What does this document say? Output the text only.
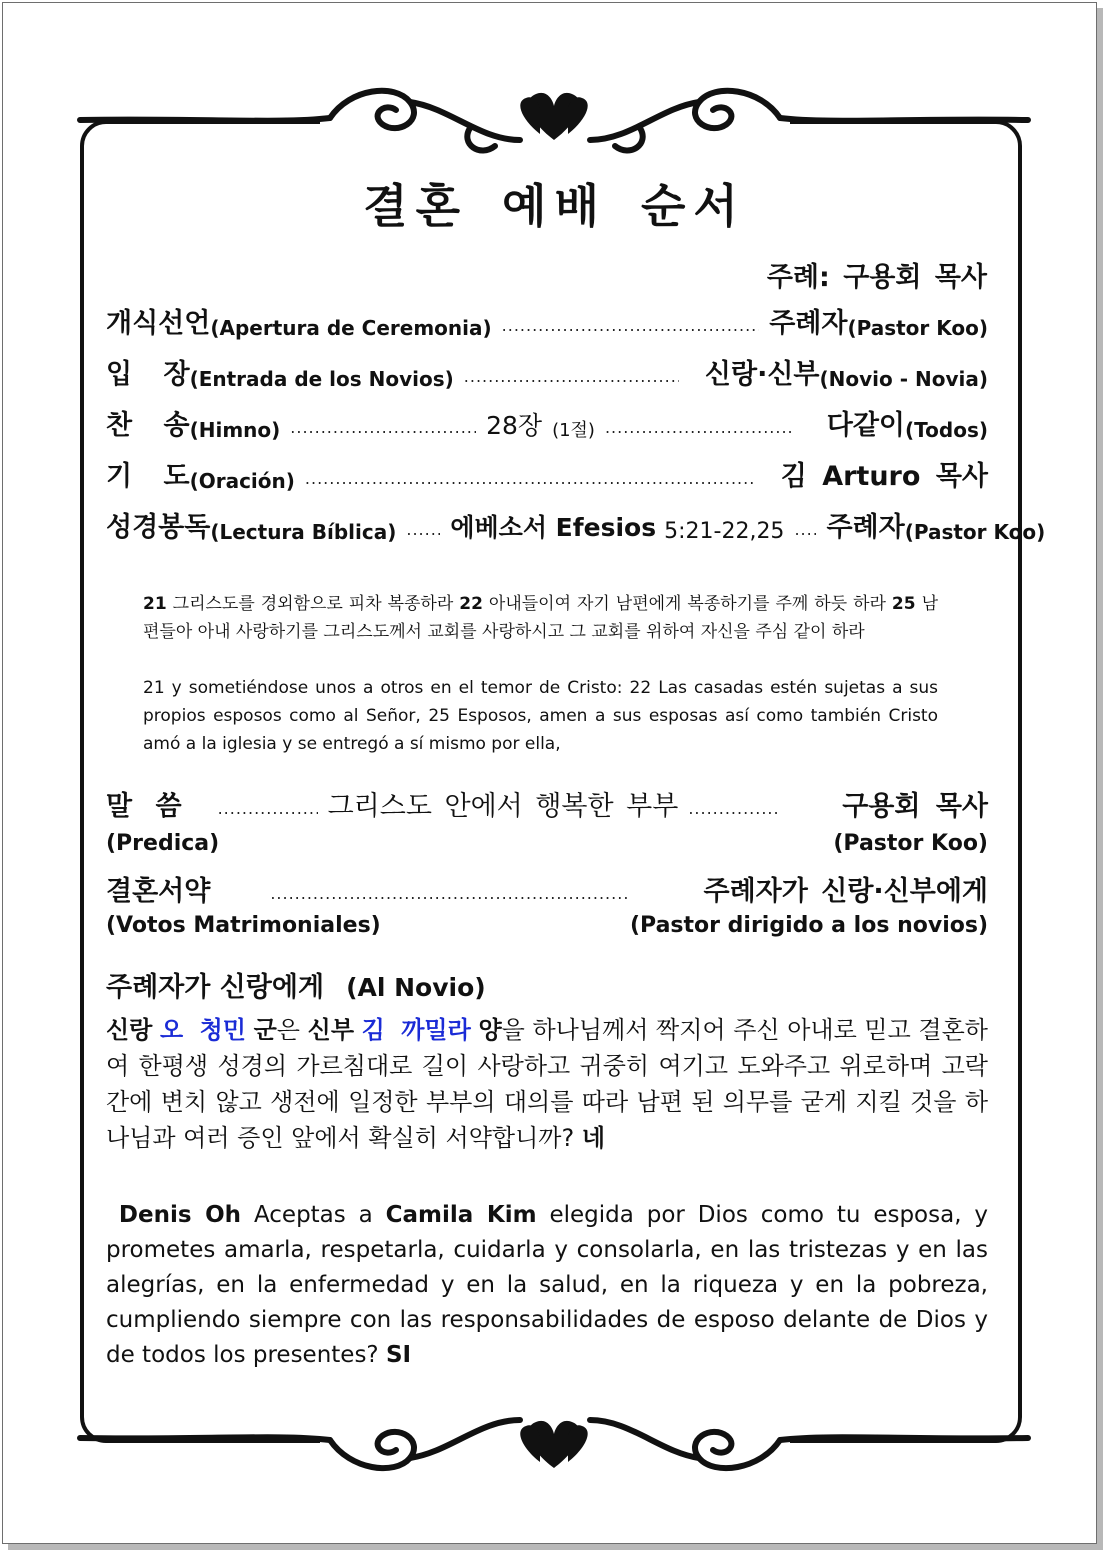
결혼 예배 순서
주례: 구용회 목사
개식선언 (Apertura de Ceremonia) .....	주례자 (Pastor Koo)
입 장 (Entrada de los Novios) .....	신랑·신부 (Novio - Novia)
찬 송 (Himno) .....	28장 (1절) .....	다같이 (Todos)
기 도 (Oración) .....	김 Arturo 목사
성경봉독 (Lectura Bíblica) ..... 에베소서 Efesios 5:21-22,25 ..... 주례자 (Pastor Koo)

21 그리스도를 경외함으로 피차 복종하라 22 아내들이여 자기 남편에게 복종하기를 주께 하듯 하라 25 남편들아 아내 사랑하기를 그리스도께서 교회를 사랑하시고 그 교회를 위하여 자신을 주심 같이 하라

21 y sometiéndose unos a otros en el temor de Cristo: 22 Las casadas estén sujetas a sus propios esposos como al Señor, 25 Esposos, amen a sus esposas así como también Cristo amó a la iglesia y se entregó a sí mismo por ella,

말 씀 .....	그리스도 안에서 행복한 부부 .....	구용회 목사
(Predica)	(Pastor Koo)
결혼서약 .....	주례자가 신랑·신부에게
(Votos Matrimoniales)	(Pastor dirigido a los novios)
주례자가 신랑에게 (Al Novio)

신랑 오 청민 군은 신부 김 까밀라 양을 하나님께서 짝지어 주신 아내로 믿고 결혼하여 한평생 성경의 가르침대로 길이 사랑하고 귀중히 여기고 도와주고 위로하며 고락간에 변치 않고 생전에 일정한 부부의 대의를 따라 남편 된 의무를 굳게 지킬 것을 하나님과 여러 증인 앞에서 확실히 서약합니까? 네

Denis Oh Aceptas a Camila Kim elegida por Dios como tu esposa, y prometes amarla, respetarla, cuidarla y consolarla, en las tristezas y en las alegrías, en la enfermedad y en la salud, en la riqueza y en la pobreza, cumpliendo siempre con las responsabilidades de esposo delante de Dios y de todos los presentes? SI
